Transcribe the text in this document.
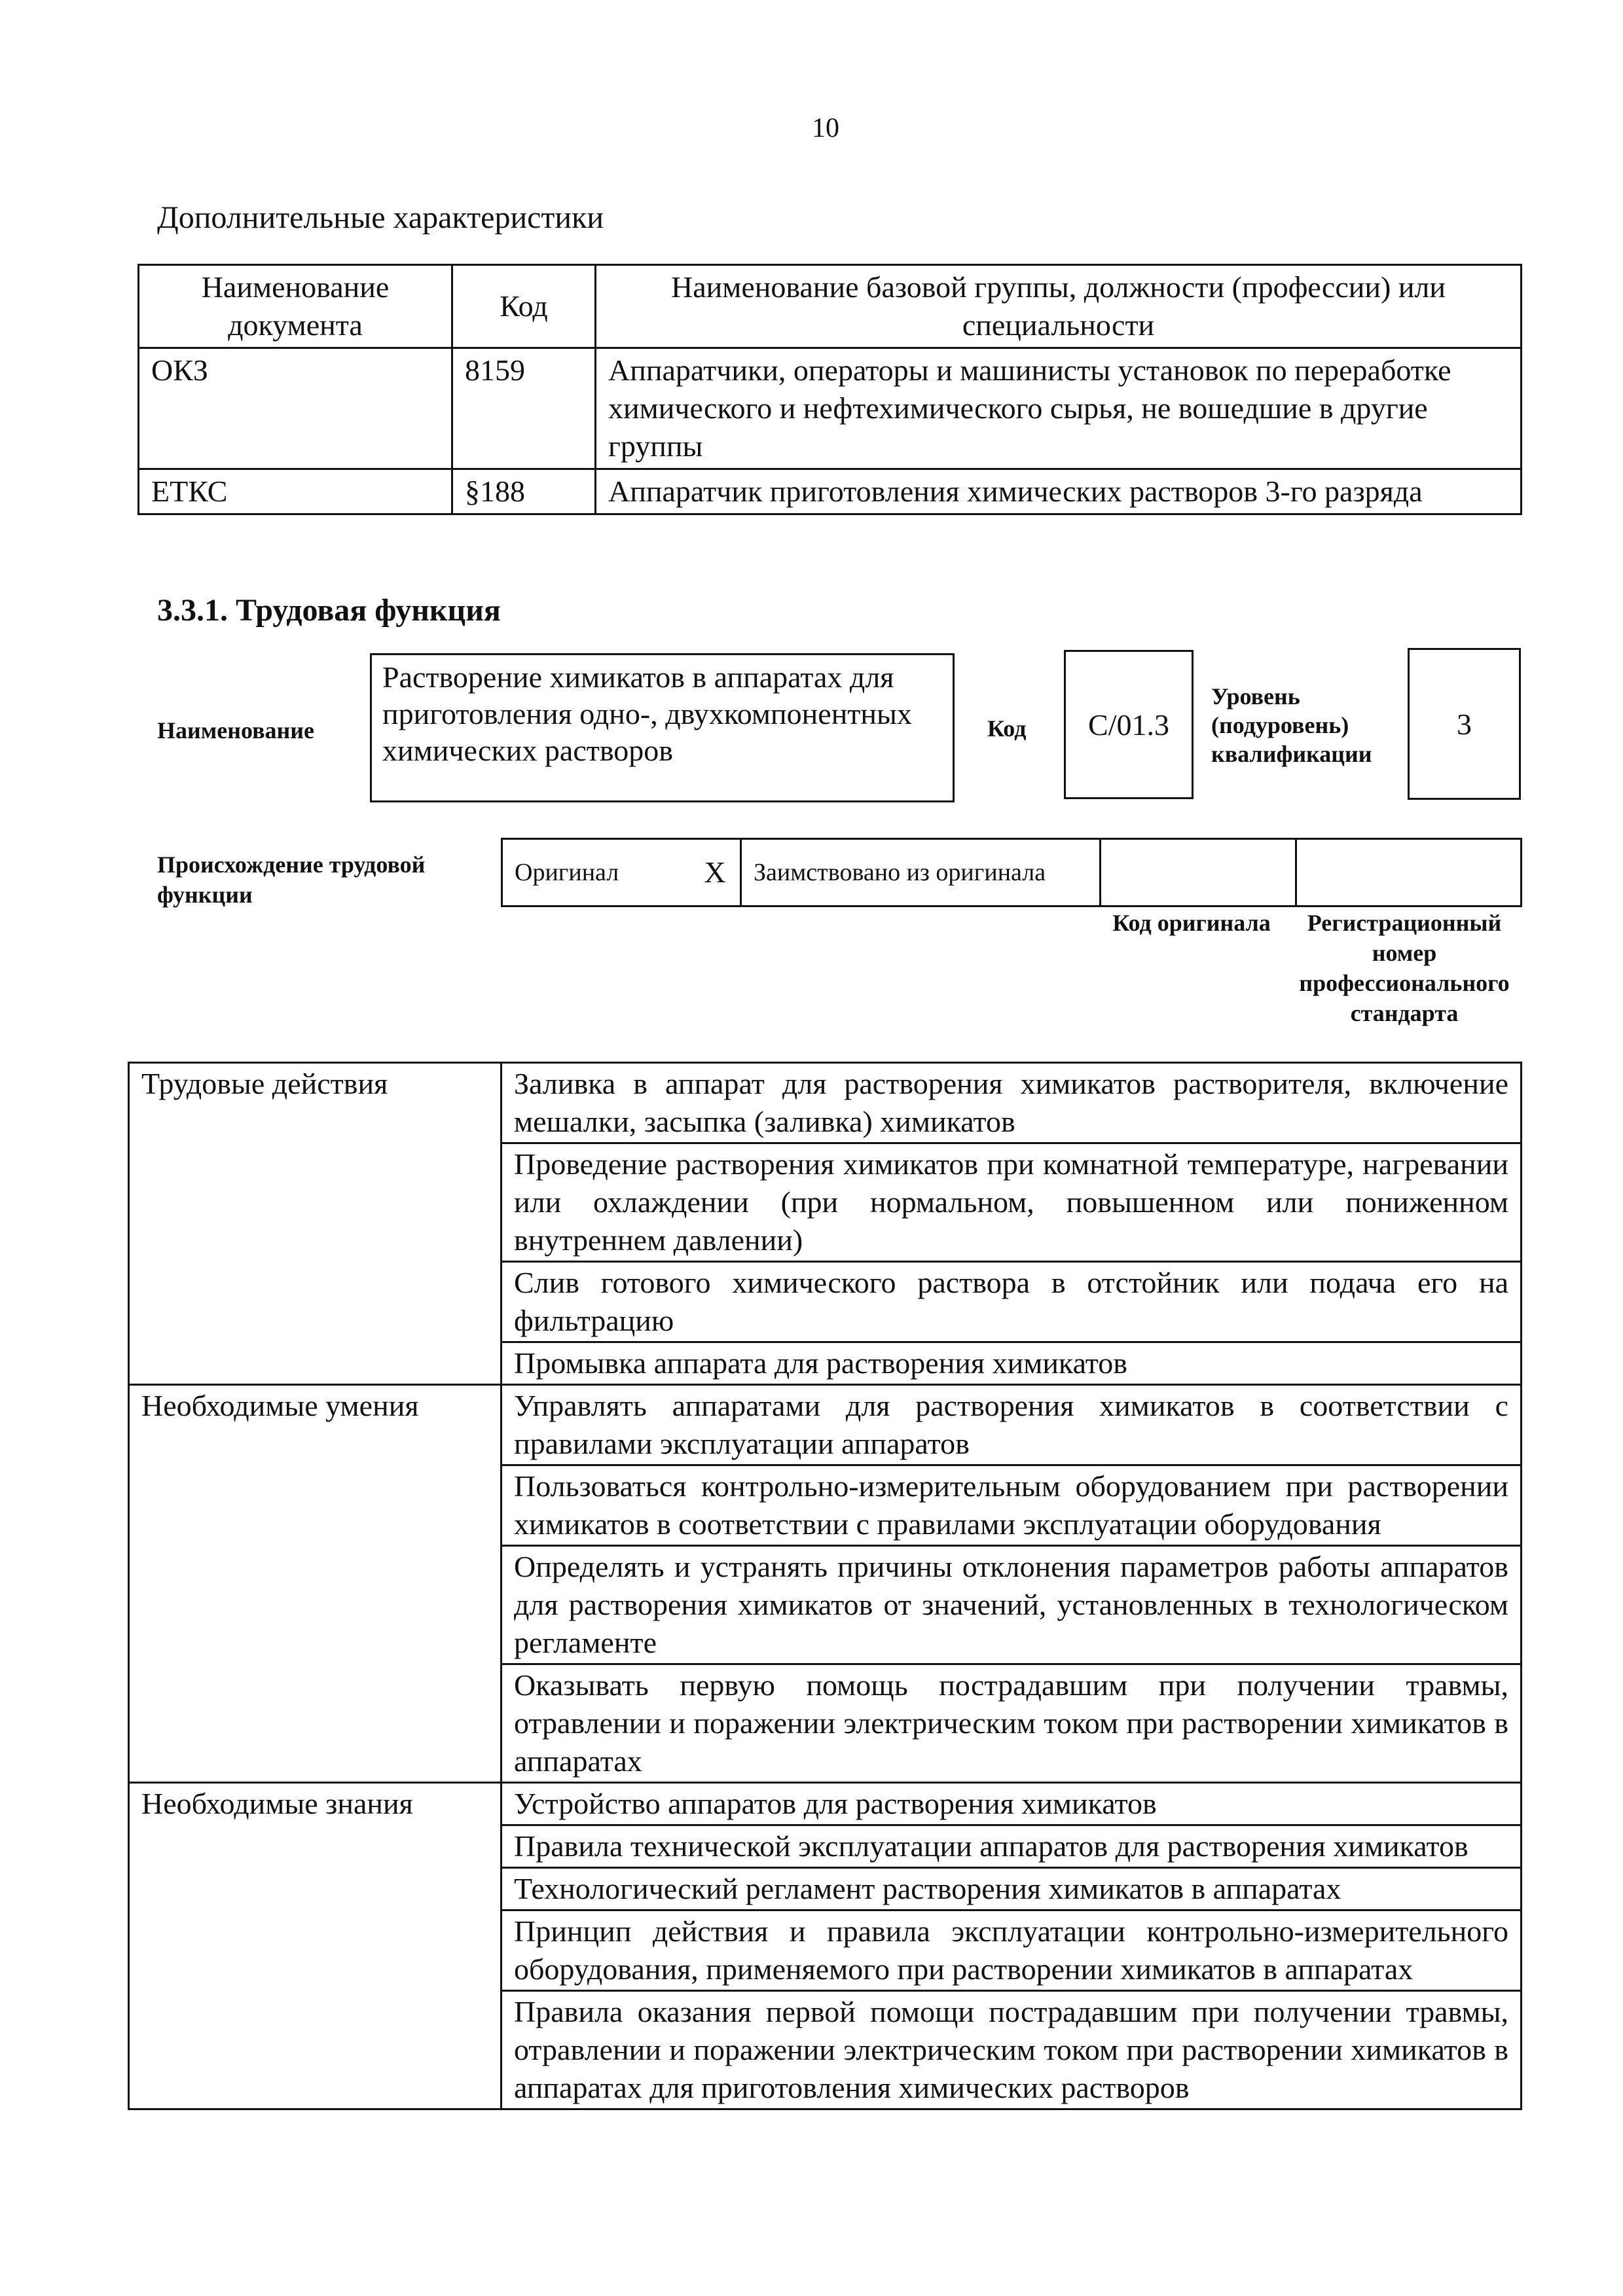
10
Дополнительные характеристики
Наименование документа	Код	Наименование базовой группы, должности (профессии) или специальности
ОКЗ	8159	Аппаратчики, операторы и машинисты установок по переработке химического и нефтехимического сырья, не вошедшие в другие группы
ЕТКС	§188	Аппаратчик приготовления химических растворов 3-го разряда
3.3.1. Трудовая функция
Наименование
Растворение химикатов в аппаратах для приготовления одно-, двухкомпонентных химических растворов
Код	C/01.3
Уровень (подуровень) квалификации
3
Происхождение трудовой функции
Оригинал	X	Заимствовано из оригинала		
Код оригинала	Регистрационный номер профессионального стандарта
Трудовые действия	Заливка в аппарат для растворения химикатов растворителя, включение мешалки, засыпка (заливка) химикатов
	Проведение растворения химикатов при комнатной температуре, нагревании или охлаждении (при нормальном, повышенном или пониженном внутреннем давлении)
	Слив готового химического раствора в отстойник или подача его на фильтрацию
	Промывка аппарата для растворения химикатов
Необходимые умения	Управлять аппаратами для растворения химикатов в соответствии с правилами эксплуатации аппаратов
	Пользоваться контрольно-измерительным оборудованием при растворении химикатов в соответствии с правилами эксплуатации оборудования
	Определять и устранять причины отклонения параметров работы аппаратов для растворения химикатов от значений, установленных в технологическом регламенте
	Оказывать первую помощь пострадавшим при получении травмы, отравлении и поражении электрическим током при растворении химикатов в аппаратах
Необходимые знания	Устройство аппаратов для растворения химикатов
	Правила технической эксплуатации аппаратов для растворения химикатов
	Технологический регламент растворения химикатов в аппаратах
	Принцип действия и правила эксплуатации контрольно-измерительного оборудования, применяемого при растворении химикатов в аппаратах
	Правила оказания первой помощи пострадавшим при получении травмы, отравлении и поражении электрическим током при растворении химикатов в аппаратах для приготовления химических растворов
